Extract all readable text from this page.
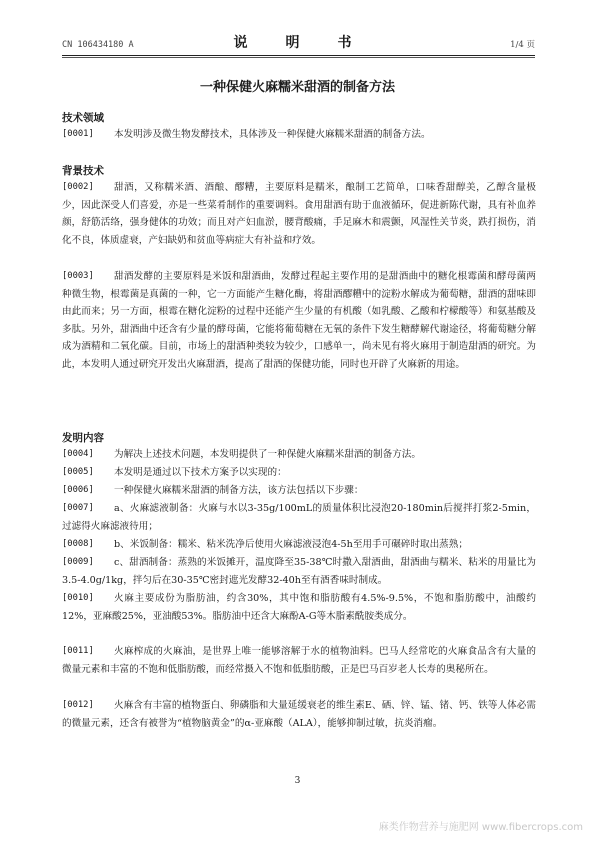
CN 106434180 A	说　明　书	1/4 页
一种保健火麻糯米甜酒的制备方法
技术领域
[0001]	本发明涉及微生物发酵技术，具体涉及一种保健火麻糯米甜酒的制备方法。
背景技术
[0002]	甜酒，又称糯米酒、酒酿、醪糟，主要原料是糯米，酿制工艺简单，口味香甜醇美，乙醇含量极少，因此深受人们喜爱，亦是一些菜肴制作的重要调料。食用甜酒有助于血液循环，促进新陈代谢，具有补血养颜，舒筋活络，强身健体的功效；而且对产妇血淤，腰背酸痛，手足麻木和震颤，风湿性关节炎，跌打损伤，消化不良，体质虚衰，产妇缺奶和贫血等病症大有补益和疗效。
[0003]	甜酒发酵的主要原料是米饭和甜酒曲，发酵过程起主要作用的是甜酒曲中的糖化根霉菌和酵母菌两种微生物，根霉菌是真菌的一种，它一方面能产生糖化酶，将甜酒醪糟中的淀粉水解成为葡萄糖，甜酒的甜味即由此而来；另一方面，根霉在糖化淀粉的过程中还能产生少量的有机酸（如乳酸、乙酸和柠檬酸等）和氨基酸及多肽。另外，甜酒曲中还含有少量的酵母菌，它能将葡萄糖在无氧的条件下发生糖酵解代谢途径，将葡萄糖分解成为酒精和二氧化碳。目前，市场上的甜酒种类较为较少，口感单一，尚未见有将火麻用于制造甜酒的研究。为此，本发明人通过研究开发出火麻甜酒，提高了甜酒的保健功能，同时也开辟了火麻新的用途。
发明内容
[0004]	为解决上述技术问题，本发明提供了一种保健火麻糯米甜酒的制备方法。
[0005]	本发明是通过以下技术方案予以实现的：
[0006]	一种保健火麻糯米甜酒的制备方法，该方法包括以下步骤：
[0007]	a、火麻滤液制备：火麻与水以3-35g/100mL的质量体积比浸泡20-180min后搅拌打浆2-5min，过滤得火麻滤液待用；
[0008]	b、米饭制备：糯米、粘米洗净后使用火麻滤液浸泡4-5h至用手可碾碎时取出蒸熟；
[0009]	c、甜酒制备：蒸熟的米饭摊开，温度降至35-38℃时撒入甜酒曲，甜酒曲与糯米、粘米的用量比为3.5-4.0g/1kg，拌匀后在30-35℃密封遮光发酵32-40h至有酒香味时制成。
[0010]	火麻主要成份为脂肪油，约含30%，其中饱和脂肪酸有4.5%-9.5%，不饱和脂肪酸中，油酸约12%，亚麻酸25%，亚油酸53%。脂肪油中还含大麻酚A-G等木脂素酰胺类成分。
[0011]	火麻榨成的火麻油，是世界上唯一能够溶解于水的植物油料。巴马人经常吃的火麻食品含有大量的微量元素和丰富的不饱和低脂肪酸，而经常摄入不饱和低脂肪酸，正是巴马百岁老人长寿的奥秘所在。
[0012]	火麻含有丰富的植物蛋白、卵磷脂和大量延缓衰老的维生素E、硒、锌、锰、锗、钙、铁等人体必需的微量元素，还含有被誉为“植物脑黄金”的α-亚麻酸（ALA），能够抑制过敏，抗炎消瘤。
3
麻类作物营养与施肥网 www.fibercrops.com
